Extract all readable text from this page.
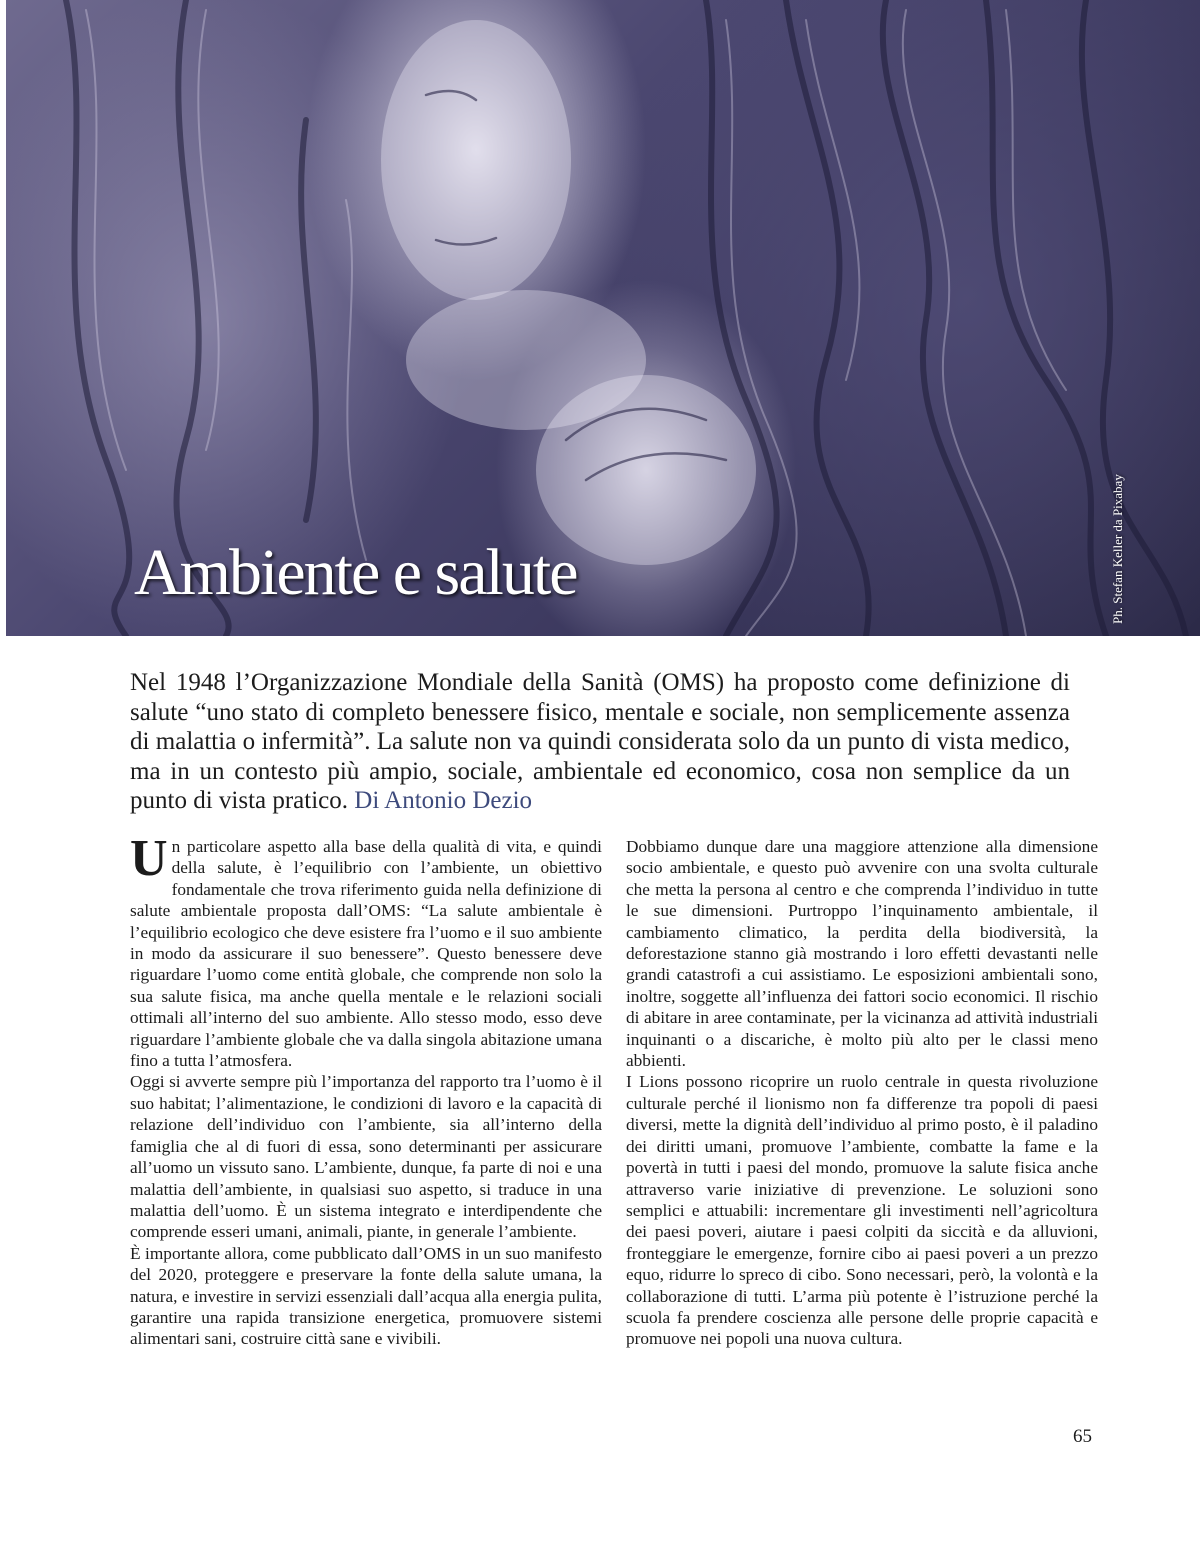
Ambiente e salute	Ph. Stefan Keller da Pixabay

Nel 1948 l’Organizzazione Mondiale della Sanità (OMS) ha proposto come definizione di salute “uno stato di completo benessere fisico, mentale e sociale, non semplicemente assenza di malattia o infermità”. La salute non va quindi considerata solo da un punto di vista medico, ma in un contesto più ampio, sociale, ambientale ed economico, cosa non semplice da un punto di vista pratico. Di Antonio Dezio

Un particolare aspetto alla base della qualità di vita, e quindi della salute, è l’equilibrio con l’ambiente, un obiettivo fondamentale che trova riferimento guida nella definizione di salute ambientale proposta dall’OMS: “La salute ambientale è l’equilibrio ecologico che deve esistere fra l’uomo e il suo ambiente in modo da assicurare il suo benessere”. Questo benessere deve riguardare l’uomo come entità globale, che comprende non solo la sua salute fisica, ma anche quella mentale e le relazioni sociali ottimali all’interno del suo ambiente. Allo stesso modo, esso deve riguardare l’ambiente globale che va dalla singola abitazione umana fino a tutta l’atmosfera.

Oggi si avverte sempre più l’importanza del rapporto tra l’uomo è il suo habitat; l’alimentazione, le condizioni di lavoro e la capacità di relazione dell’individuo con l’ambiente, sia all’interno della famiglia che al di fuori di essa, sono determinanti per assicurare all’uomo un vissuto sano. L’ambiente, dunque, fa parte di noi e una malattia dell’ambiente, in qualsiasi suo aspetto, si traduce in una malattia dell’uomo. È un sistema integrato e interdipendente che comprende esseri umani, animali, piante, in generale l’ambiente.

È importante allora, come pubblicato dall’OMS in un suo manifesto del 2020, proteggere e preservare la fonte della salute umana, la natura, e investire in servizi essenziali dall’acqua alla energia pulita, garantire una rapida transizione energetica, promuovere sistemi alimentari sani, costruire città sane e vivibili.

Dobbiamo dunque dare una maggiore attenzione alla dimensione socio ambientale, e questo può avvenire con una svolta culturale che metta la persona al centro e che comprenda l’individuo in tutte le sue dimensioni. Purtroppo l’inquinamento ambientale, il cambiamento climatico, la perdita della biodiversità, la deforestazione stanno già mostrando i loro effetti devastanti nelle grandi catastrofi a cui assistiamo. Le esposizioni ambientali sono, inoltre, soggette all’influenza dei fattori socio economici. Il rischio di abitare in aree contaminate, per la vicinanza ad attività industriali inquinanti o a discariche, è molto più alto per le classi meno abbienti.

I Lions possono ricoprire un ruolo centrale in questa rivoluzione culturale perché il lionismo non fa differenze tra popoli di paesi diversi, mette la dignità dell’individuo al primo posto, è il paladino dei diritti umani, promuove l’ambiente, combatte la fame e la povertà in tutti i paesi del mondo, promuove la salute fisica anche attraverso varie iniziative di prevenzione. Le soluzioni sono semplici e attuabili: incrementare gli investimenti nell’agricoltura dei paesi poveri, aiutare i paesi colpiti da siccità e da alluvioni, fronteggiare le emergenze, fornire cibo ai paesi poveri a un prezzo equo, ridurre lo spreco di cibo. Sono necessari, però, la volontà e la collaborazione di tutti. L’arma più potente è l’istruzione perché la scuola fa prendere coscienza alle persone delle proprie capacità e promuove nei popoli una nuova cultura.

65
